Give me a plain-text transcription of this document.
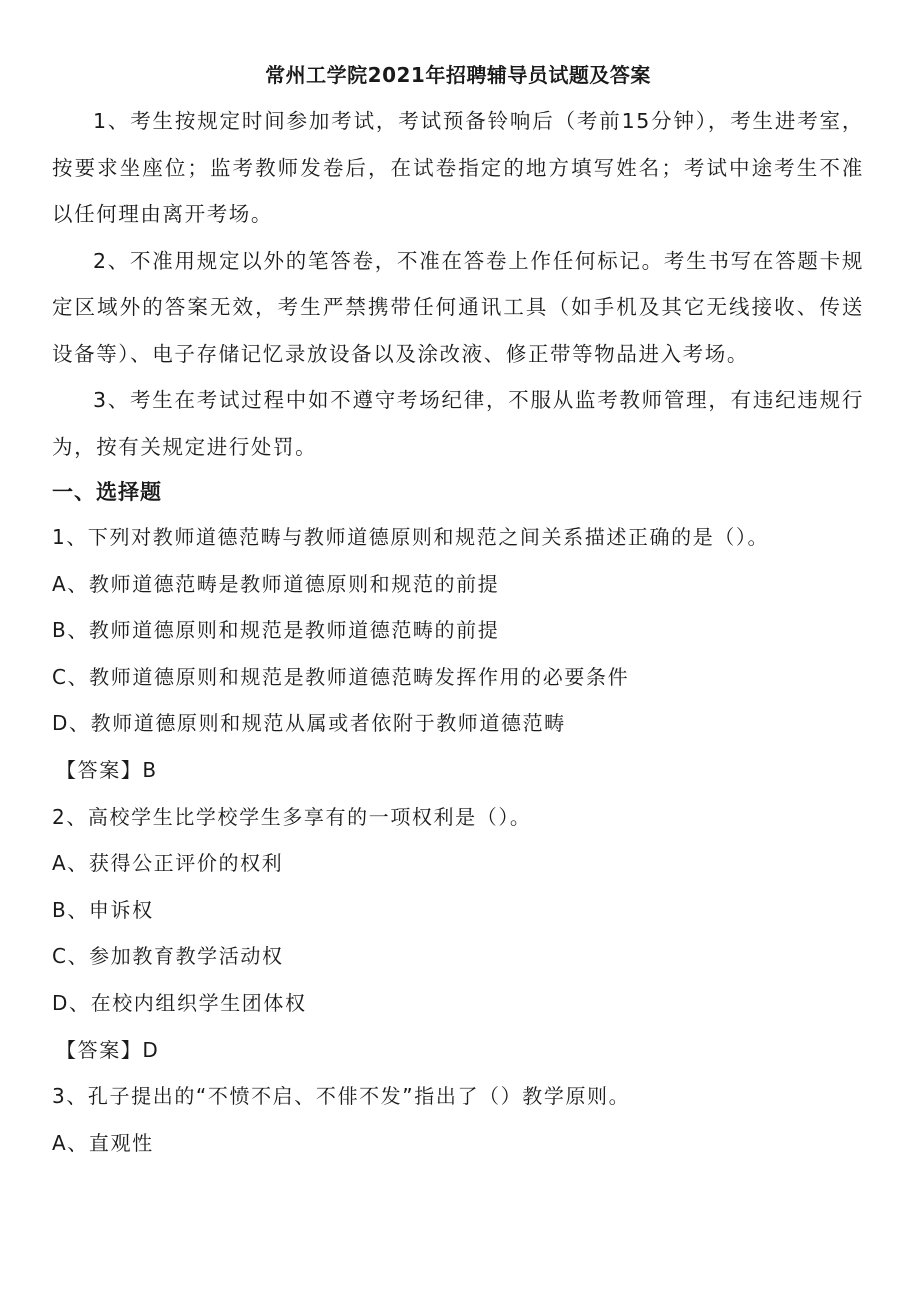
常州工学院2021年招聘辅导员试题及答案

1、考生按规定时间参加考试，考试预备铃响后（考前15分钟），考生进考室，按要求坐座位；监考教师发卷后，在试卷指定的地方填写姓名；考试中途考生不准以任何理由离开考场。

2、不准用规定以外的笔答卷，不准在答卷上作任何标记。考生书写在答题卡规定区域外的答案无效，考生严禁携带任何通讯工具（如手机及其它无线接收、传送设备等）、电子存储记忆录放设备以及涂改液、修正带等物品进入考场。

3、考生在考试过程中如不遵守考场纪律，不服从监考教师管理，有违纪违规行为，按有关规定进行处罚。

一、选择题

1、下列对教师道德范畴与教师道德原则和规范之间关系描述正确的是（）。

A、教师道德范畴是教师道德原则和规范的前提

B、教师道德原则和规范是教师道德范畴的前提

C、教师道德原则和规范是教师道德范畴发挥作用的必要条件

D、教师道德原则和规范从属或者依附于教师道德范畴

【答案】B

2、高校学生比学校学生多享有的一项权利是（）。

A、获得公正评价的权利

B、申诉权

C、参加教育教学活动权

D、在校内组织学生团体权

【答案】D

3、孔子提出的“不愤不启、不俳不发”指出了（）教学原则。

A、直观性
